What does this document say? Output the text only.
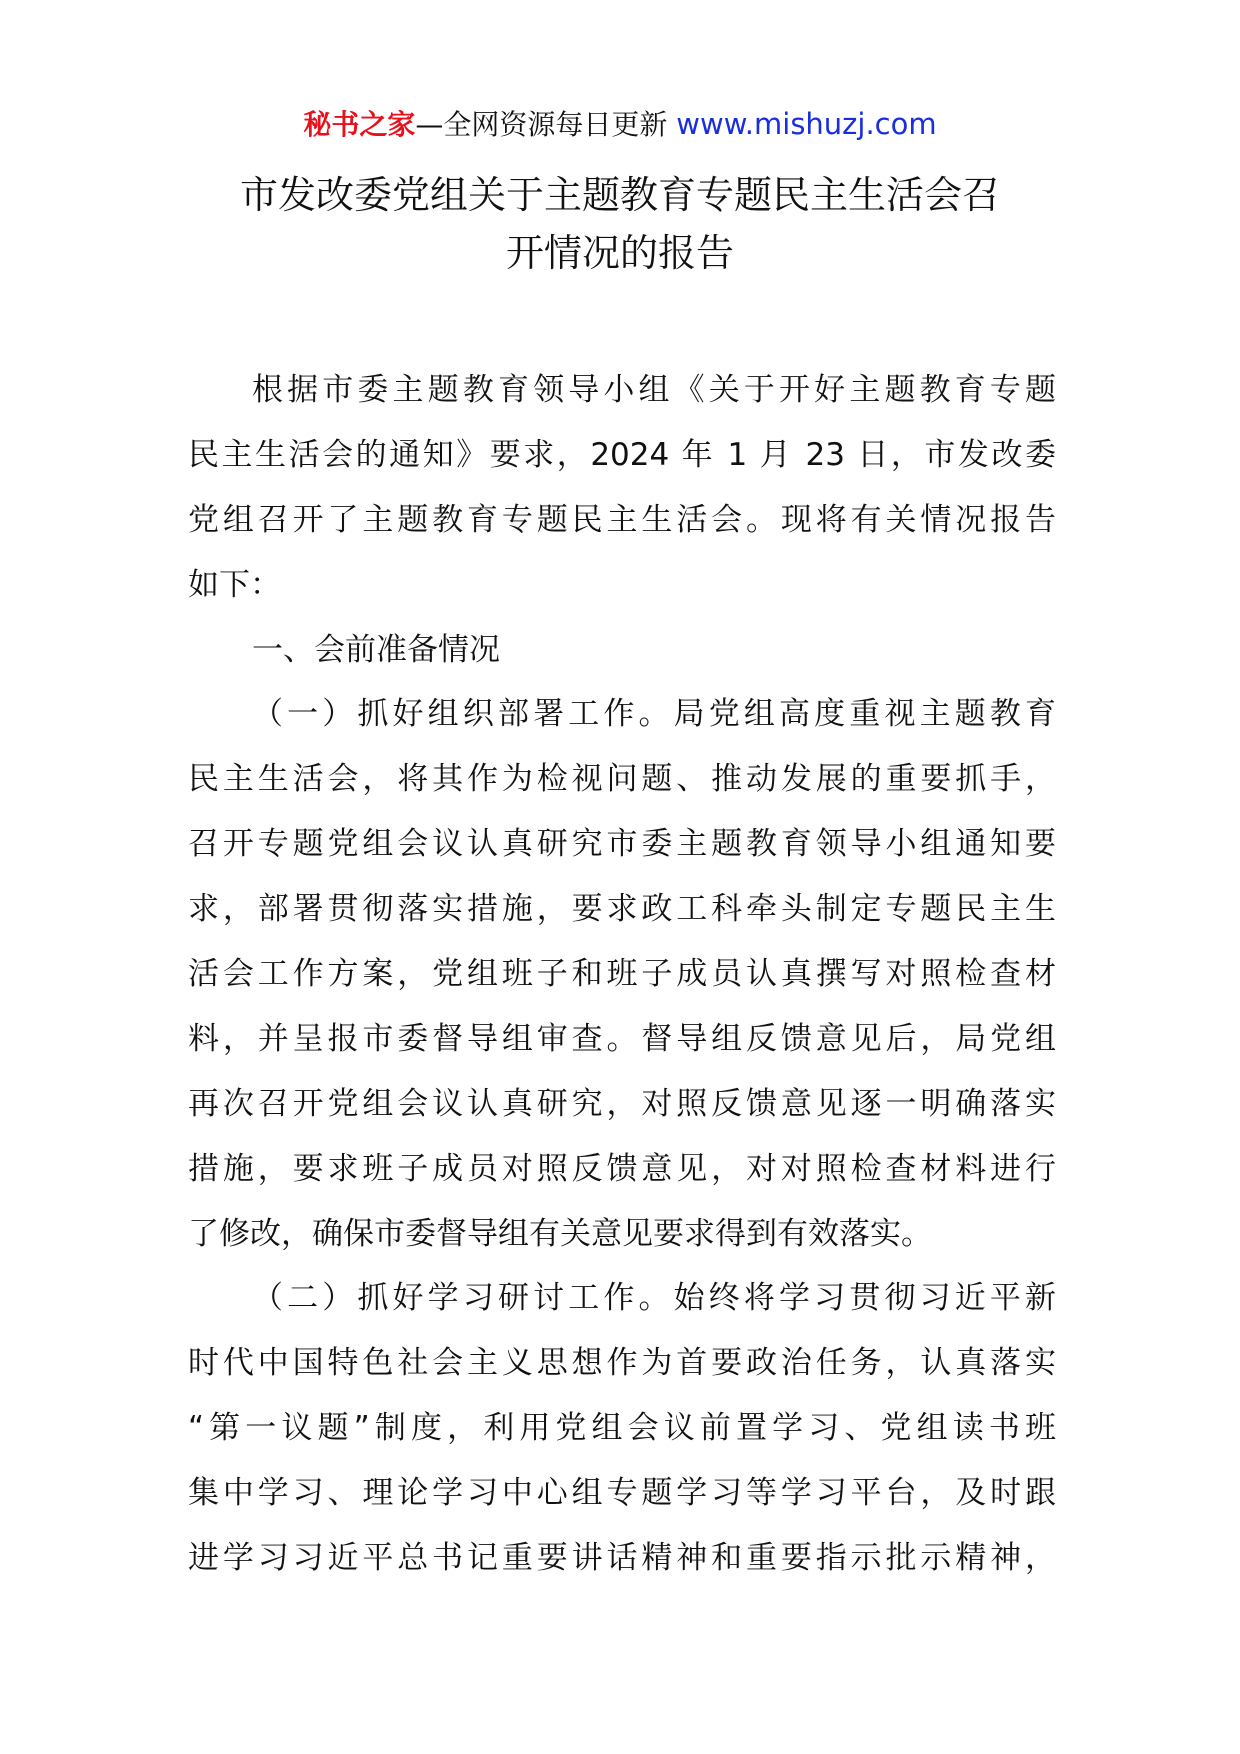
秘书之家—全网资源每日更新 www.mishuzj.com
市发改委党组关于主题教育专题民主生活会召
开情况的报告
根据市委主题教育领导小组《关于开好主题教育专题
民主生活会的通知》要求，2024 年 1 月 23 日，市发改委
党组召开了主题教育专题民主生活会。现将有关情况报告
如下：
一、会前准备情况
（一）抓好组织部署工作。局党组高度重视主题教育
民主生活会，将其作为检视问题、推动发展的重要抓手，
召开专题党组会议认真研究市委主题教育领导小组通知要
求，部署贯彻落实措施，要求政工科牵头制定专题民主生
活会工作方案，党组班子和班子成员认真撰写对照检查材
料，并呈报市委督导组审查。督导组反馈意见后，局党组
再次召开党组会议认真研究，对照反馈意见逐一明确落实
措施，要求班子成员对照反馈意见，对对照检查材料进行
了修改，确保市委督导组有关意见要求得到有效落实。
（二）抓好学习研讨工作。始终将学习贯彻习近平新
时代中国特色社会主义思想作为首要政治任务，认真落实
“第一议题”制度，利用党组会议前置学习、党组读书班
集中学习、理论学习中心组专题学习等学习平台，及时跟
进学习习近平总书记重要讲话精神和重要指示批示精神，
